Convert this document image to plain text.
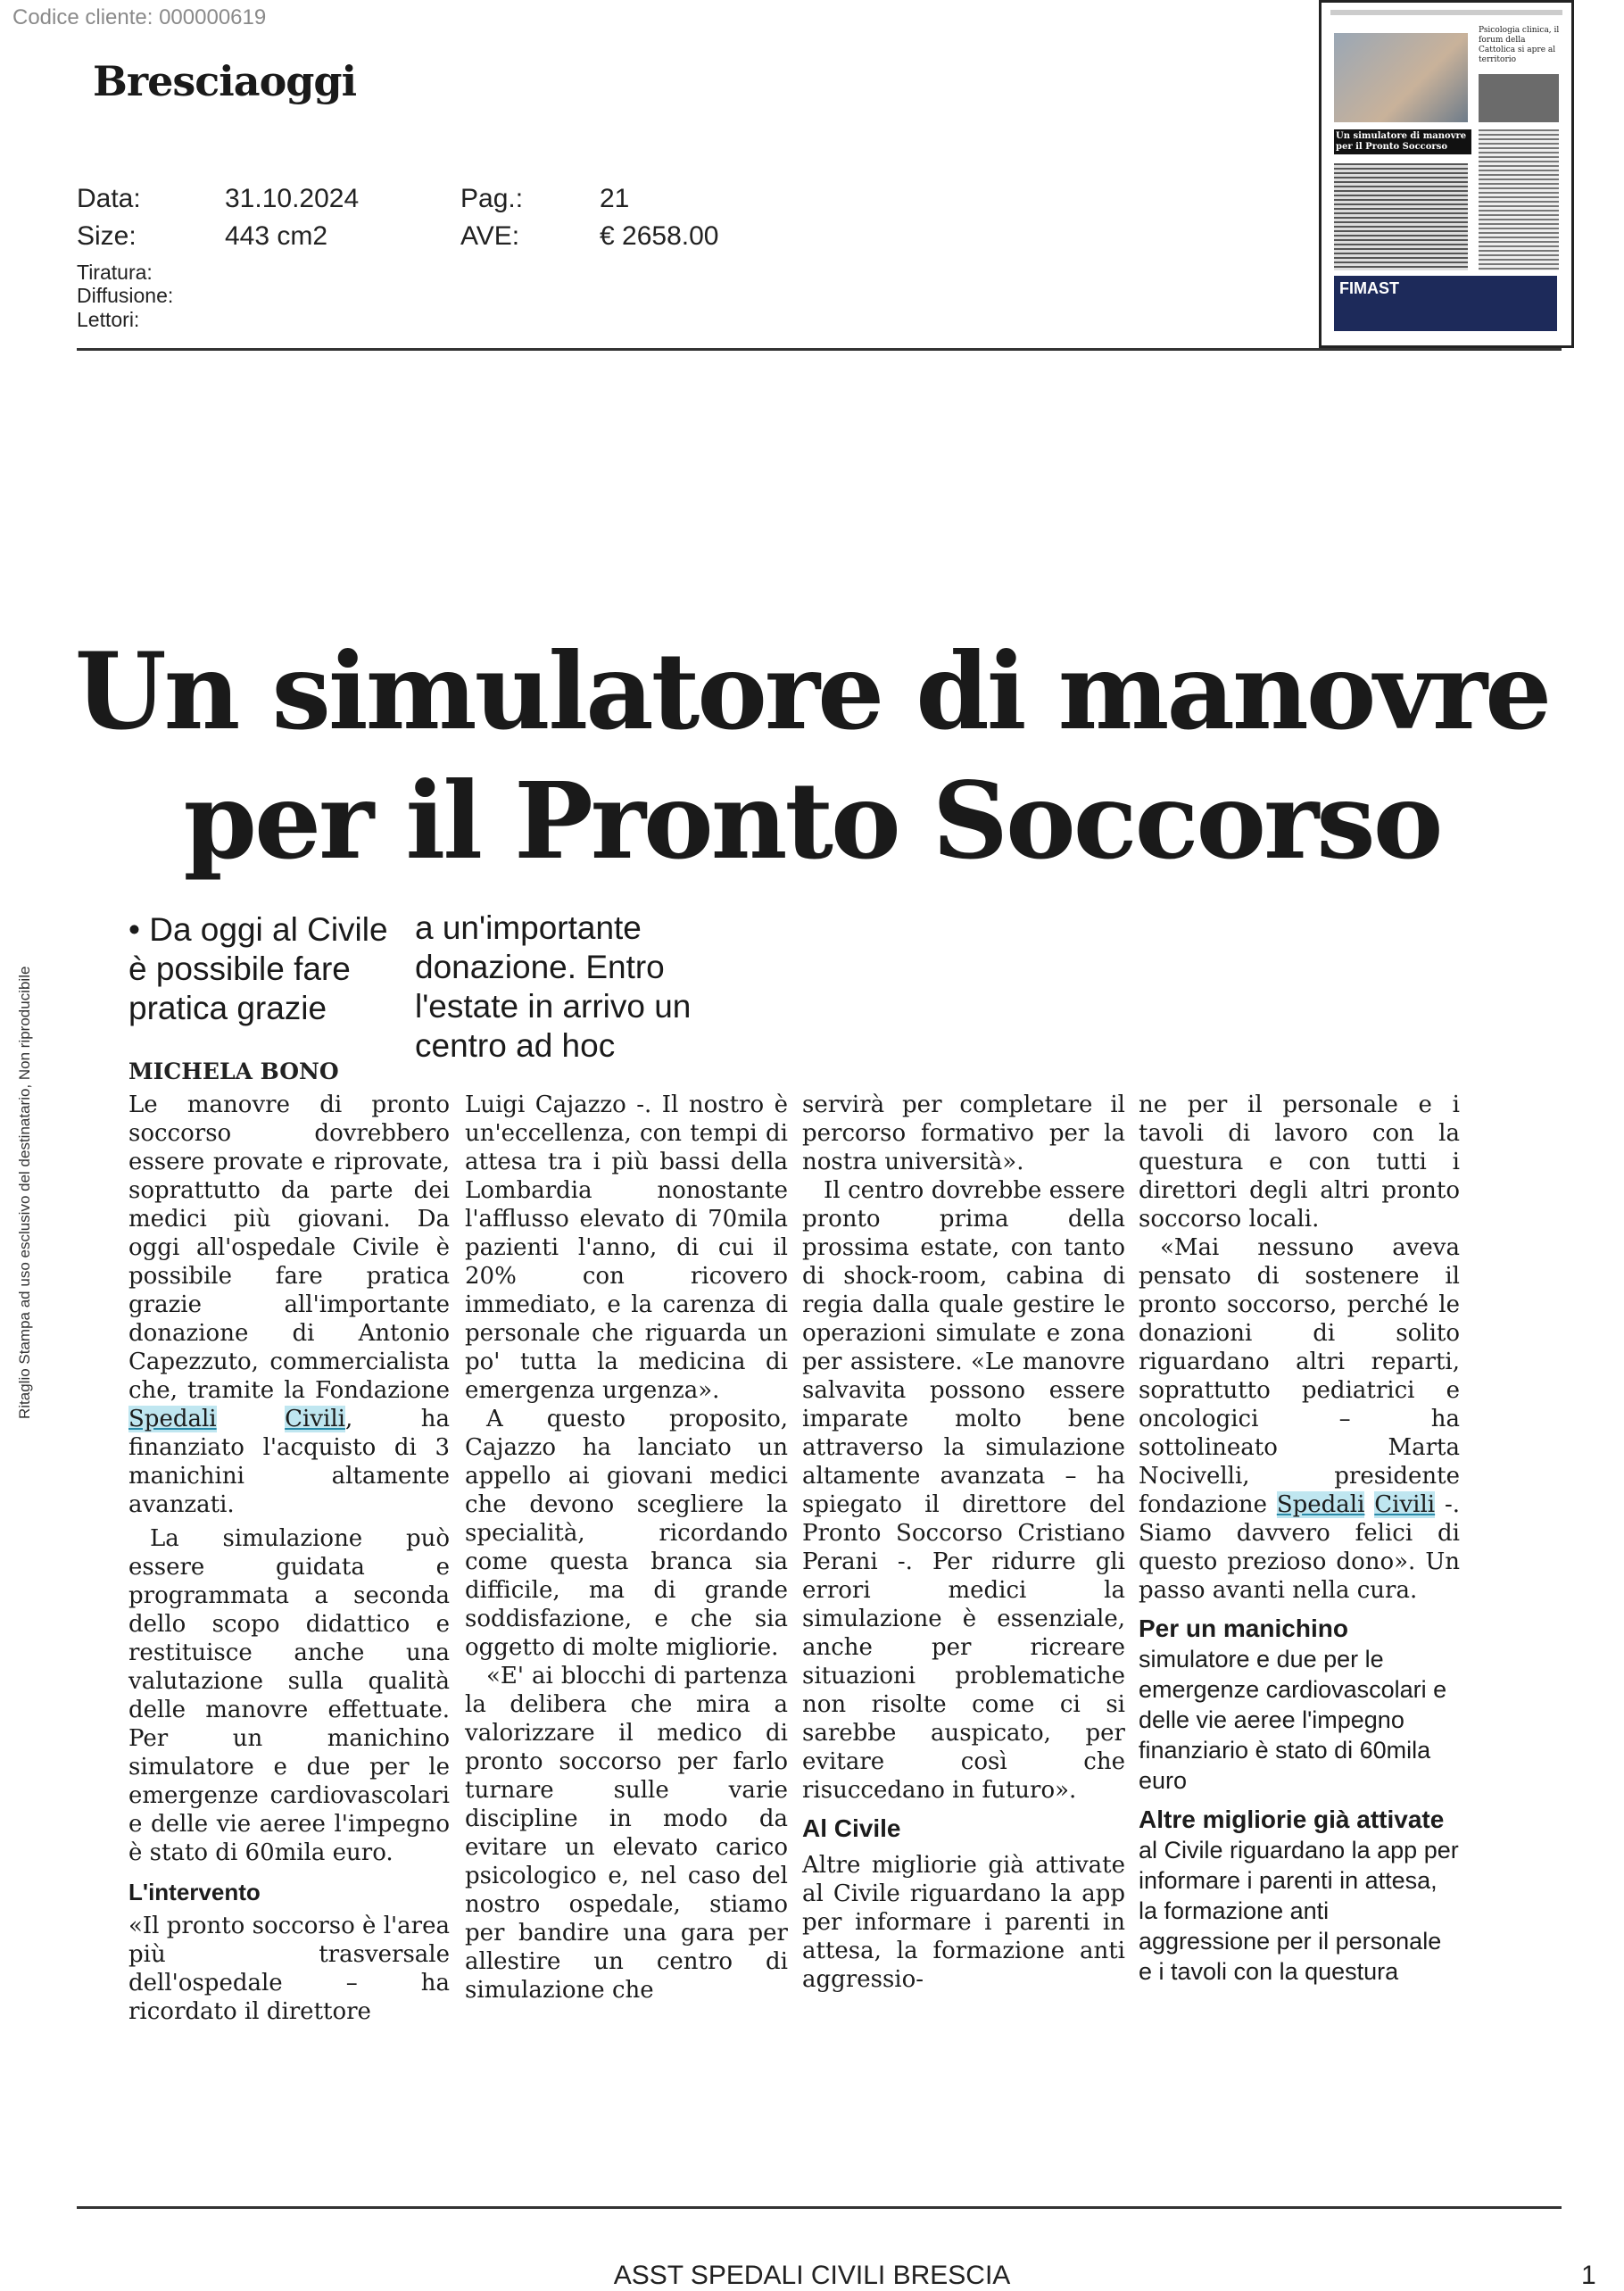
Codice cliente: 000000619
Bresciaoggi
Data:	31.10.2024	Pag.:	21
Size:	443 cm2	AVE:	€ 2658.00
Tiratura:
Diffusione:
Lettori:
Psicologia clinica, il forum della Cattolica si apre al territorio
Un simulatore di manovre per il Pronto Soccorso
FIMAST
Ritaglio Stampa ad uso esclusivo del destinatario, Non riproducibile
Un simulatore di manovre
per il Pronto Soccorso
• Da oggi al Civile è possibile fare pratica grazie
a un'importante donazione. Entro l'estate in arrivo un centro ad hoc
MICHELA BONO

Le manovre di pronto soccorso dovrebbero essere provate e riprovate, soprattutto da parte dei medici più giovani. Da oggi all'ospedale Civile è possibile fare pratica grazie all'importante donazione di Antonio Capezzuto, commercialista che, tramite la Fondazione Spedali	Civili, ha finanziato l'acquisto di 3 manichini altamente avanzati.

La simulazione può essere guidata e programmata a seconda dello scopo didattico e restituisce anche una valutazione sulla qualità delle manovre effettuate. Per un manichino simulatore e due per le emergenze cardiovascolari e delle vie aeree l'impegno è stato di 60mila euro.

L'intervento

«Il pronto soccorso è l'area più trasversale dell'ospedale – ha ricordato il direttore

Luigi Cajazzo -. Il nostro è un'eccellenza, con tempi di attesa tra i più bassi della Lombardia nonostante l'afflusso elevato di 70mila pazienti l'anno, di cui il 20% con ricovero immediato, e la carenza di personale che riguarda un po' tutta la medicina di emergenza urgenza».

A questo proposito, Cajazzo ha lanciato un appello ai giovani medici che devono scegliere la specialità, ricordando come questa branca sia difficile, ma di grande soddisfazione, e che sia oggetto di molte migliorie.

«E' ai blocchi di partenza la delibera che mira a valorizzare il medico di pronto soccorso per farlo turnare sulle varie discipline in modo da evitare un elevato carico psicologico e, nel caso del nostro ospedale, stiamo per bandire una gara per allestire un centro di simulazione che

servirà per completare il percorso formativo per la nostra università».

Il centro dovrebbe essere pronto prima della prossima estate, con tanto di shock-room, cabina di regia dalla quale gestire le operazioni simulate e zona per assistere. «Le manovre salvavita possono essere imparate molto bene attraverso la simulazione altamente avanzata – ha spiegato il direttore del Pronto Soccorso Cristiano Perani -. Per ridurre gli errori medici la simulazione è essenziale, anche per ricreare situazioni problematiche non risolte come ci si sarebbe auspicato, per evitare così che risuccedano in futuro».

Al Civile

Altre migliorie già attivate al Civile riguardano la app per informare i parenti in attesa, la formazione anti aggressio-

ne per il personale e i tavoli di lavoro con la questura e con tutti i direttori degli altri pronto soccorso locali.

«Mai nessuno aveva pensato di sostenere il pronto soccorso, perché le donazioni di solito riguardano altri reparti, soprattutto pediatrici e oncologici – ha sottolineato Marta Nocivelli, presidente fondazione Spedali Civili -. Siamo davvero felici di questo prezioso dono». Un passo avanti nella cura.

Per un manichino

simulatore e due per le emergenze cardiovascolari e delle vie aeree l'impegno finanziario è stato di 60mila euro

Altre migliorie già attivate

al Civile riguardano la app per informare i parenti in attesa, la formazione anti aggressione per il personale e i tavoli con la questura

ASST SPEDALI CIVILI BRESCIA	1
